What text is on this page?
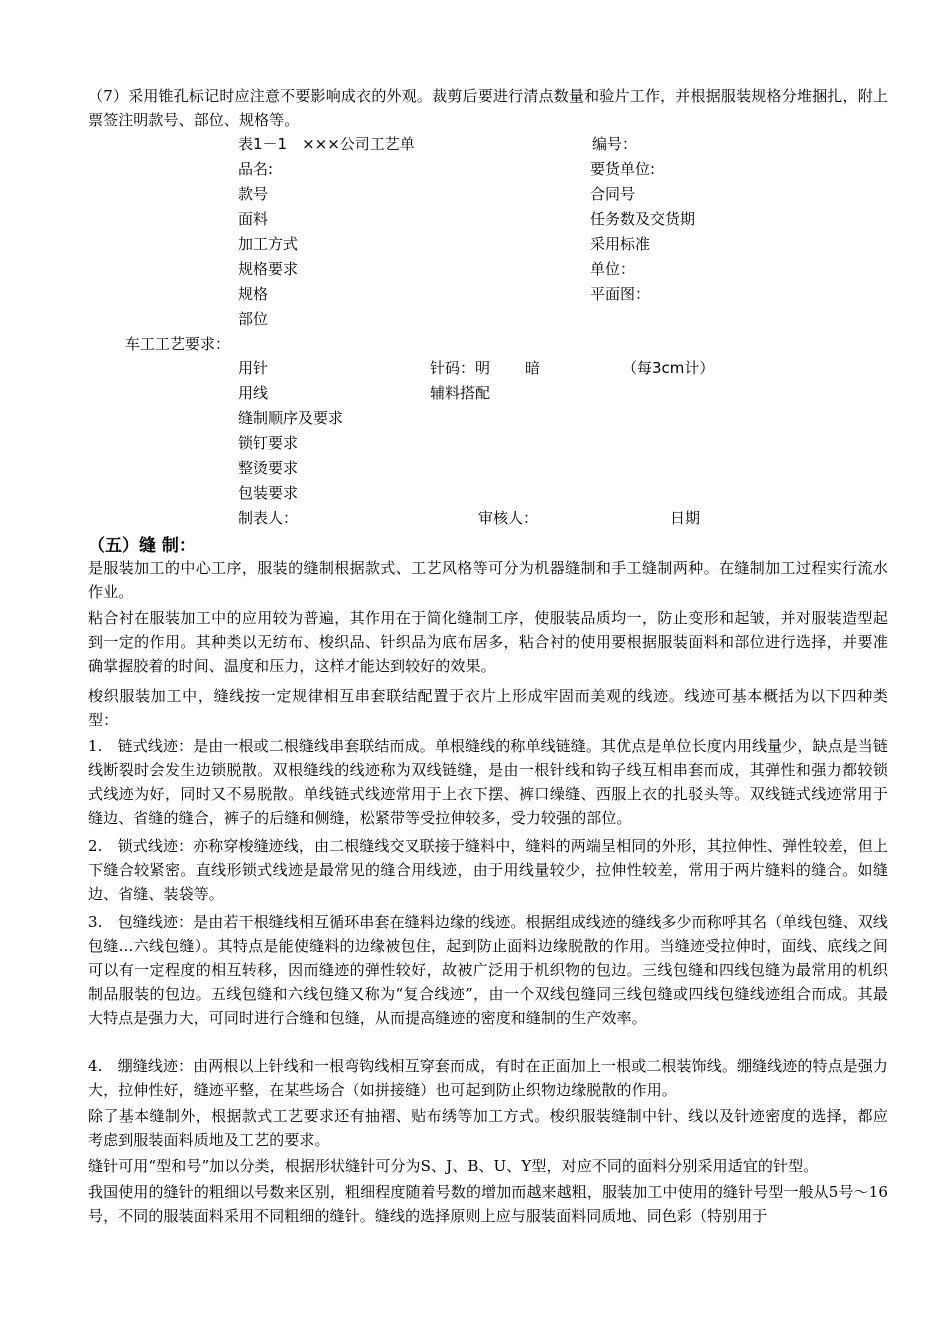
（7）采用锥孔标记时应注意不要影响成衣的外观。裁剪后要进行清点数量和验片工作，并根据服装规格分堆捆扎，附上票签注明款号、部位、规格等。

表1－1　×××公司工艺单	编号：
品名:	要货单位:
款号	合同号
面料	任务数及交货期
加工方式	采用标准
规格要求	单位：
规格	平面图：
部位
车工工艺要求：
用针	针码：明 暗	（每3cm计）
用线	辅料搭配
缝制顺序及要求
锁钉要求
整烫要求
包装要求
制表人：	审核人：	日期
（五）缝 制：

是服装加工的中心工序，服装的缝制根据款式、工艺风格等可分为机器缝制和手工缝制两种。在缝制加工过程实行流水作业。

粘合衬在服装加工中的应用较为普遍，其作用在于简化缝制工序，使服装品质均一，防止变形和起皱，并对服装造型起到一定的作用。其种类以无纺布、梭织品、针织品为底布居多，粘合衬的使用要根据服装面料和部位进行选择，并要准确掌握胶着的时间、温度和压力，这样才能达到较好的效果。

梭织服装加工中，缝线按一定规律相互串套联结配置于衣片上形成牢固而美观的线迹。线迹可基本概括为以下四种类型：

1.　链式线迹：是由一根或二根缝线串套联结而成。单根缝线的称单线链缝。其优点是单位长度内用线量少，缺点是当链线断裂时会发生边锁脱散。双根缝线的线迹称为双线链缝，是由一根针线和钩子线互相串套而成，其弹性和强力都较锁式线迹为好，同时又不易脱散。单线链式线迹常用于上衣下摆、裤口缲缝、西服上衣的扎驳头等。双线链式线迹常用于缝边、省缝的缝合，裤子的后缝和侧缝，松紧带等受拉伸较多，受力较强的部位。

2.　锁式线迹：亦称穿梭缝迹线，由二根缝线交叉联接于缝料中，缝料的两端呈相同的外形，其拉伸性、弹性较差，但上下缝合较紧密。直线形锁式线迹是最常见的缝合用线迹，由于用线量较少，拉伸性较差，常用于两片缝料的缝合。如缝边、省缝、装袋等。

3.　包缝线迹：是由若干根缝线相互循环串套在缝料边缘的线迹。根据组成线迹的缝线多少而称呼其名（单线包缝、双线包缝…六线包缝）。其特点是能使缝料的边缘被包住，起到防止面料边缘脱散的作用。当缝迹受拉伸时，面线、底线之间可以有一定程度的相互转移，因而缝迹的弹性较好，故被广泛用于机织物的包边。三线包缝和四线包缝为最常用的机织制品服装的包边。五线包缝和六线包缝又称为“复合线迹”，由一个双线包缝同三线包缝或四线包缝线迹组合而成。其最大特点是强力大，可同时进行合缝和包缝，从而提高缝迹的密度和缝制的生产效率。

4.　绷缝线迹：由两根以上针线和一根弯钩线相互穿套而成，有时在正面加上一根或二根装饰线。绷缝线迹的特点是强力大，拉伸性好，缝迹平整，在某些场合（如拼接缝）也可起到防止织物边缘脱散的作用。

除了基本缝制外，根据款式工艺要求还有抽褶、贴布绣等加工方式。梭织服装缝制中针、线以及针迹密度的选择，都应考虑到服装面料质地及工艺的要求。

缝针可用“型和号”加以分类，根据形状缝针可分为S、J、B、U、Y型，对应不同的面料分别采用适宜的针型。

我国使用的缝针的粗细以号数来区别，粗细程度随着号数的增加而越来越粗，服装加工中使用的缝针号型一般从5号～16号，不同的服装面料采用不同粗细的缝针。缝线的选择原则上应与服装面料同质地、同色彩（特别用于
